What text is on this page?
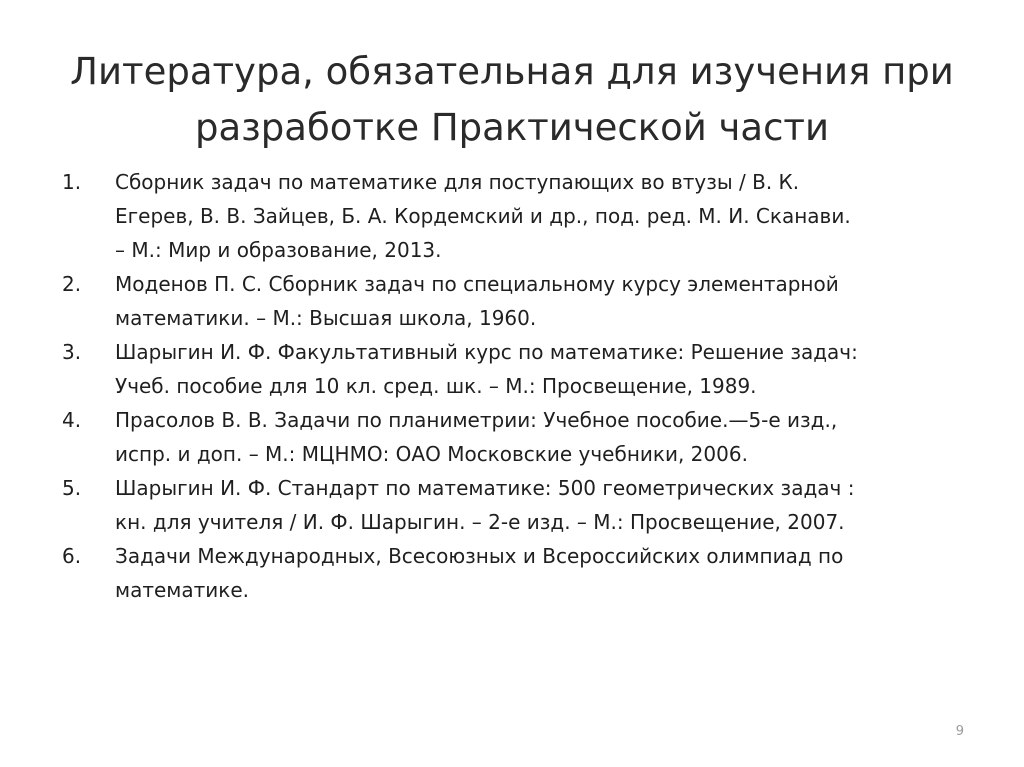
Литература, обязательная для изучения при
разработке Практической части
1. Сборник задач по математике для поступающих во втузы / В. К.
Егерев, В. В. Зайцев, Б. А. Кордемский и др., под. ред. М. И. Сканави.
– М.: Мир и образование, 2013.
2. Моденов П. С. Сборник задач по специальному курсу элементарной
математики. – М.: Высшая школа, 1960.
3. Шарыгин И. Ф. Факультативный курс по математике: Решение задач:
Учеб. пособие для 10 кл. сред. шк. – М.: Просвещение, 1989.
4. Прасолов В. В. Задачи по планиметрии: Учебное пособие.—5-е изд.,
испр. и доп. – М.: МЦНМО: ОАО Московские учебники, 2006.
5. Шарыгин И. Ф. Стандарт по математике: 500 геометрических задач :
кн. для учителя / И. Ф. Шарыгин. – 2-е изд. – М.: Просвещение, 2007.
6. Задачи Международных, Всесоюзных и Всероссийских олимпиад по
математике.
9
